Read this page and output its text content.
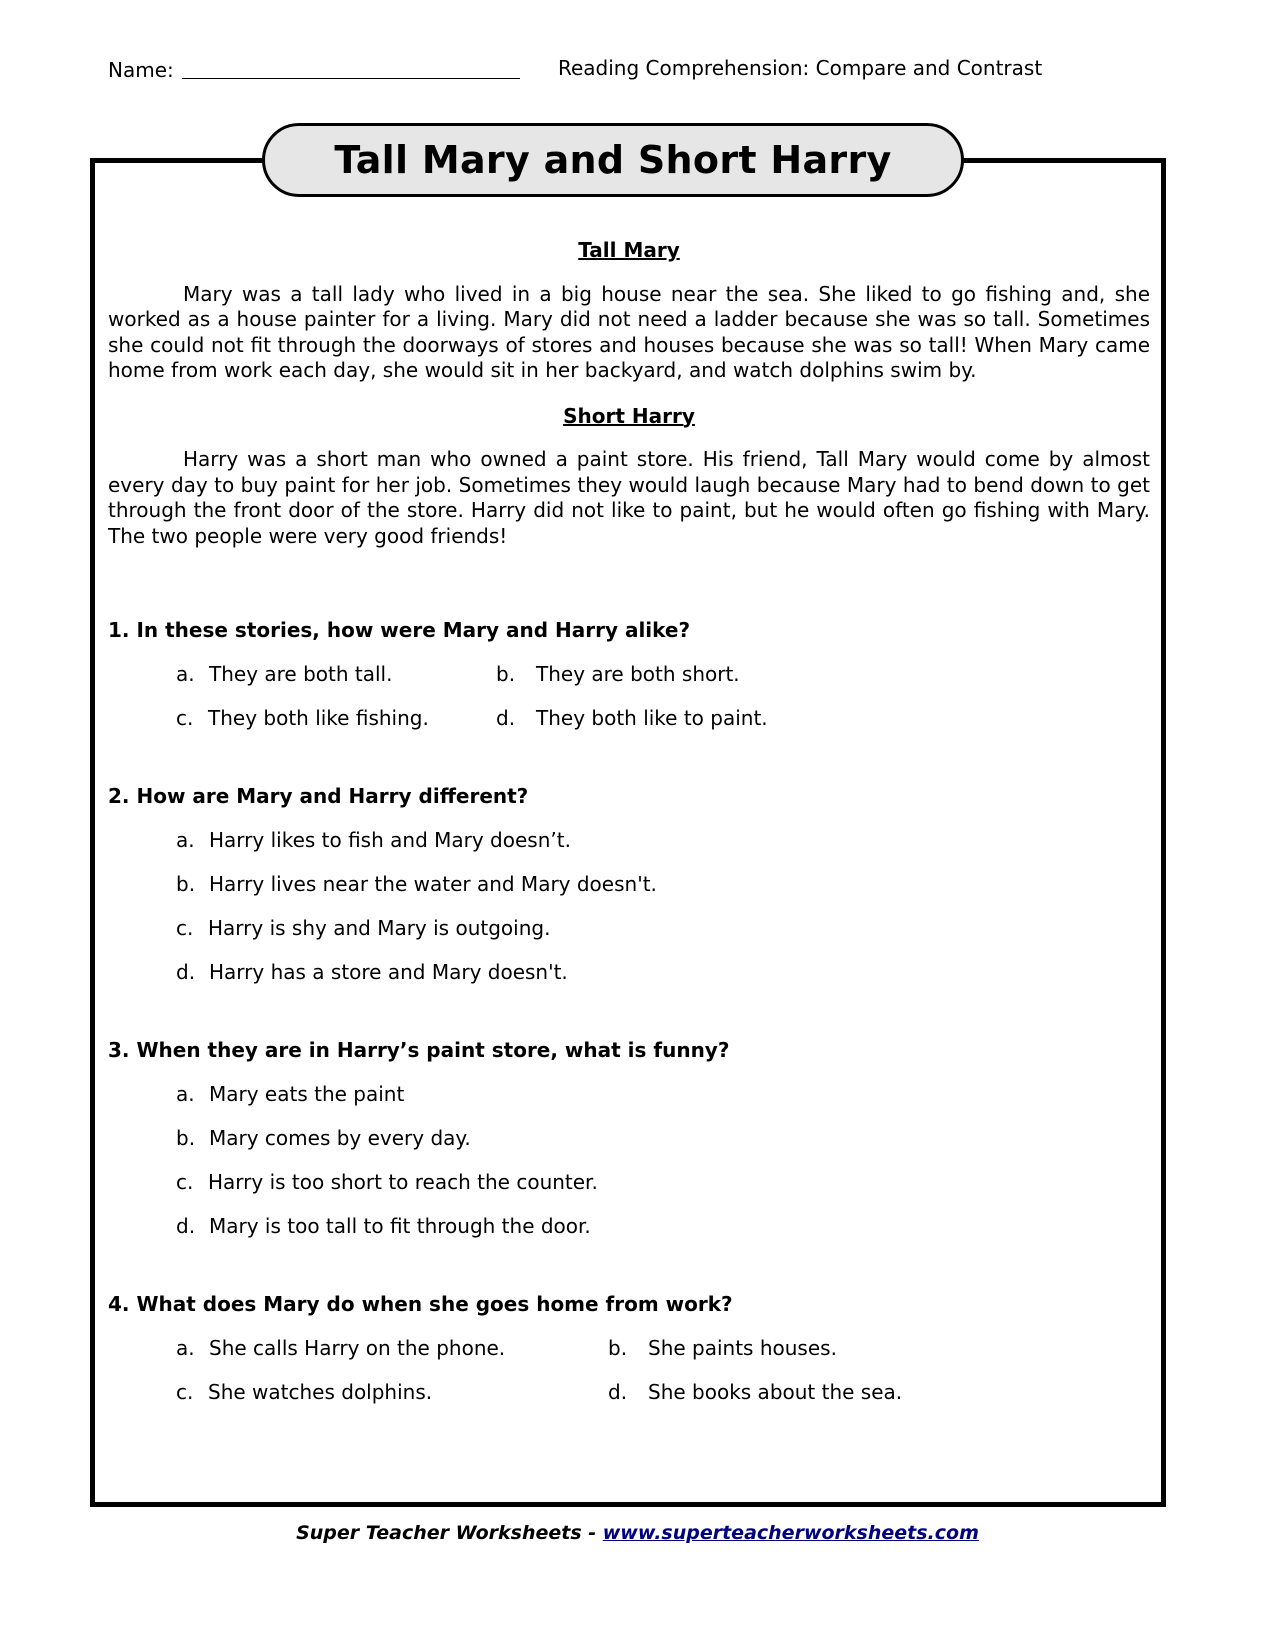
Name:	Reading Comprehension: Compare and Contrast
Tall Mary and Short Harry
Tall Mary

Mary was a tall lady who lived in a big house near the sea. She liked to go fishing and, she worked as a house painter for a living. Mary did not need a ladder because she was so tall. Sometimes she could not fit through the doorways of stores and houses because she was so tall! When Mary came home from work each day, she would sit in her backyard, and watch dolphins swim by.

Short Harry

Harry was a short man who owned a paint store. His friend, Tall Mary would come by almost every day to buy paint for her job. Sometimes they would laugh because Mary had to bend down to get through the front door of the store. Harry did not like to paint, but he would often go fishing with Mary. The two people were very good friends!

1. In these stories, how were Mary and Harry alike?

a. They are both tall.	b. They are both short.
c. They both like fishing.	d. They both like to paint.

2. How are Mary and Harry different?

a. Harry likes to fish and Mary doesn’t.
b. Harry lives near the water and Mary doesn't.
c. Harry is shy and Mary is outgoing.
d. Harry has a store and Mary doesn't.

3. When they are in Harry’s paint store, what is funny?

a. Mary eats the paint
b. Mary comes by every day.
c. Harry is too short to reach the counter.
d. Mary is too tall to fit through the door.

4. What does Mary do when she goes home from work?

a. She calls Harry on the phone.	b. She paints houses.
c. She watches dolphins.	d. She books about the sea.
Super Teacher Worksheets - www.superteacherworksheets.com
